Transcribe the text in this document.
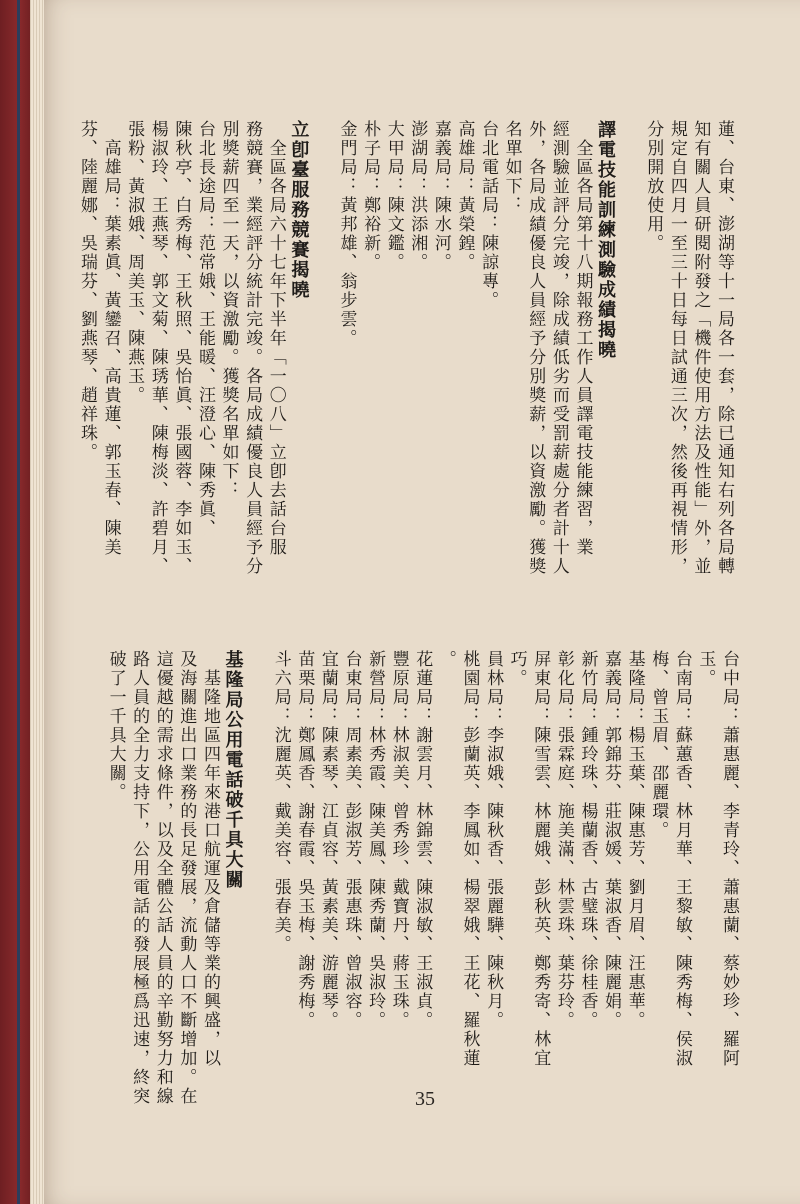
蓮、台東、澎湖等十一局各一套，除已通知右列各局轉
知有關人員研閱附發之「機件使用方法及性能」外，並
規定自四月一至三十日每日試通三次，然後再視情形，
分別開放使用。

譯電技能訓練測驗成績揭曉
　全區各局第十八期報務工作人員譯電技能練習，業
經測驗並評分完竣，除成績低劣而受罰薪處分者計十人
外，各局成績優良人員經予分別獎薪，以資激勵。獲獎
名單如下：
台北電話局：陳諒專。
高雄局：黃榮鍠。
嘉義局：陳水河。
澎湖局：洪添湘。
大甲局：陳文鑑。
朴子局：鄭裕新。
金門局：黃邦雄、翁步雲。

立卽臺服務競賽揭曉
　全區各局六十七年下半年「一〇八」立卽去話台服
務競賽，業經評分統計完竣。各局成績優良人員經予分
別獎薪四至一天，以資激勵。獲獎名單如下：
台北長途局：范常娥、王能暖、汪澄心、陳秀眞、
陳秋亭、白秀梅、王秋照、吳怡眞、張國蓉、李如玉、
楊淑玲、王燕琴、郭文菊、陳琇華、陳梅淡、許碧月、
張粉、黃淑娥、周美玉、陳燕玉。
　高雄局：葉素眞、黃鑾召、高貴蓮、郭玉春、陳美
芬、陸麗娜、吳瑞芬、劉燕琴、趙祥珠。
台中局：蕭惠麗、李青玲、蕭惠蘭、蔡妙珍、羅阿
玉。
台南局：蘇蕙香、林月華、王黎敏、陳秀梅、侯淑
梅、曾玉眉、邵麗環。
基隆局：楊玉葉、陳惠芳、劉月眉、汪惠華。
嘉義局：郭錦芬、莊淑媛、葉淑香、陳麗娟。
新竹局：鍾玲珠、楊蘭香、古璧珠、徐桂香。
彰化局：張霖庭、施美滿、林雲珠、葉芬玲。
屏東局：陳雪雲、林麗娥、彭秋英、鄭秀寄、林宜
巧。
員林局：李淑娥、陳秋香、張麗驊、陳秋月。
桃園局：彭蘭英、李鳳如、楊翠娥、王花、羅秋蓮
。
花蓮局：謝雲月、林錦雲、陳淑敏、王淑貞。
豐原局：林淑美、曾秀珍、戴寶丹、蔣玉珠。
新營局：林秀霞、陳美鳳、陳秀蘭、吳淑玲。
台東局：周素美、彭淑芳、張惠珠、曾淑容。
宜蘭局：陳素琴、江貞容、黃素美、游麗琴。
苗栗局：鄭鳳香、謝春霞、吳玉梅、謝秀梅。
斗六局：沈麗英、戴美容、張春美。

基隆局公用電話破千具大關
　基隆地區四年來港口航運及倉儲等業的興盛，以
及海關進出口業務的長足發展，流動人口不斷增加。在
這優越的需求條件，以及全體公話人員的辛勤努力和線
路人員的全力支持下，公用電話的發展極爲迅速，終突
破了一千具大關。
35
